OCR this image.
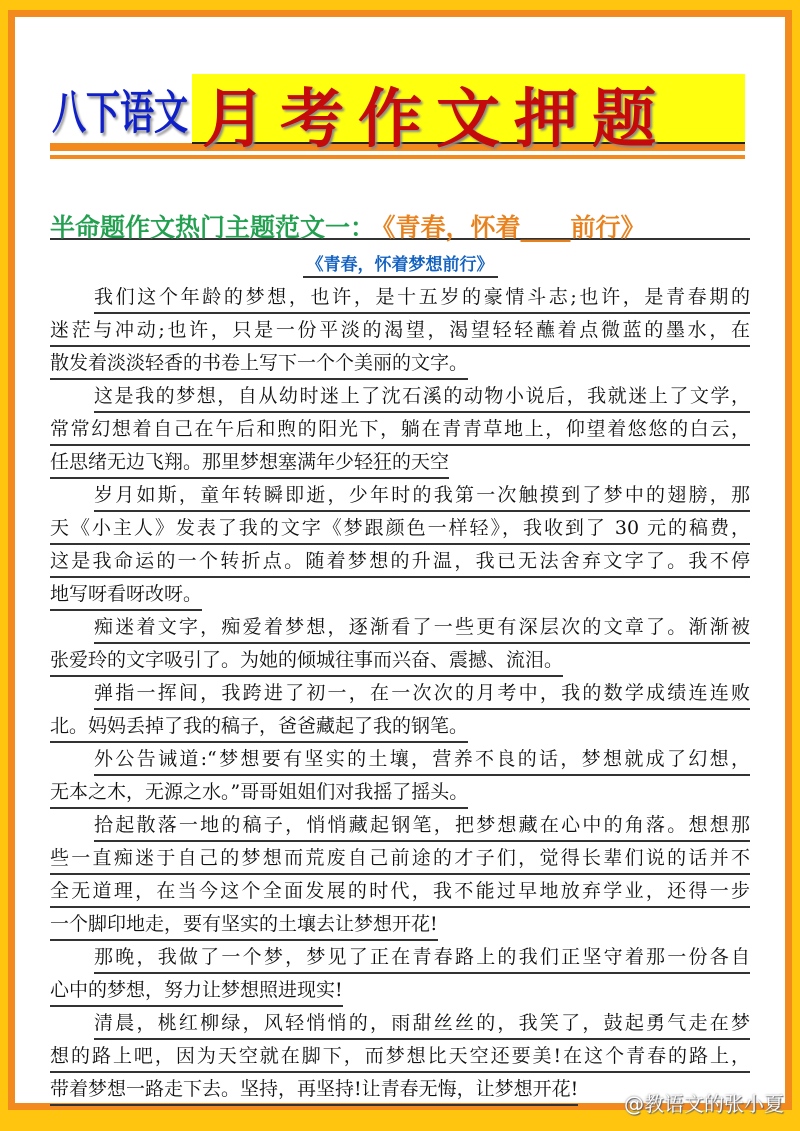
八下语文 月考作文押题
半命题作文热门主题范文一： 《青春，怀着____前行》
《青春，怀着梦想前行》
我们这个年龄的梦想，也许，是十五岁的豪情斗志;也许，是青春期的
迷茫与冲动;也许，只是一份平淡的渴望，渴望轻轻蘸着点微蓝的墨水，在
散发着淡淡轻香的书卷上写下一个个美丽的文字。
这是我的梦想，自从幼时迷上了沈石溪的动物小说后，我就迷上了文学，
常常幻想着自己在午后和煦的阳光下，躺在青青草地上，仰望着悠悠的白云，
任思绪无边飞翔。那里梦想塞满年少轻狂的天空
岁月如斯，童年转瞬即逝，少年时的我第一次触摸到了梦中的翅膀，那
天《小主人》发表了我的文字《梦跟颜色一样轻》，我收到了 30 元的稿费，
这是我命运的一个转折点。随着梦想的升温，我已无法舍弃文字了。我不停
地写呀看呀改呀。
痴迷着文字，痴爱着梦想，逐渐看了一些更有深层次的文章了。渐渐被
张爱玲的文字吸引了。为她的倾城往事而兴奋、震撼、流泪。
弹指一挥间，我跨进了初一，在一次次的月考中，我的数学成绩连连败
北。妈妈丢掉了我的稿子，爸爸藏起了我的钢笔。
外公告诫道:“梦想要有坚实的土壤，营养不良的话，梦想就成了幻想，
无本之木，无源之水。”哥哥姐姐们对我摇了摇头。
拾起散落一地的稿子，悄悄藏起钢笔，把梦想藏在心中的角落。想想那
些一直痴迷于自己的梦想而荒废自己前途的才子们，觉得长辈们说的话并不
全无道理，在当今这个全面发展的时代，我不能过早地放弃学业，还得一步
一个脚印地走，要有坚实的土壤去让梦想开花!
那晚，我做了一个梦，梦见了正在青春路上的我们正坚守着那一份各自
心中的梦想，努力让梦想照进现实!
清晨，桃红柳绿，风轻悄悄的，雨甜丝丝的，我笑了，鼓起勇气走在梦
想的路上吧，因为天空就在脚下，而梦想比天空还要美!在这个青春的路上，
带着梦想一路走下去。坚持，再坚持!让青春无悔，让梦想开花!
@教语文的张小夏
